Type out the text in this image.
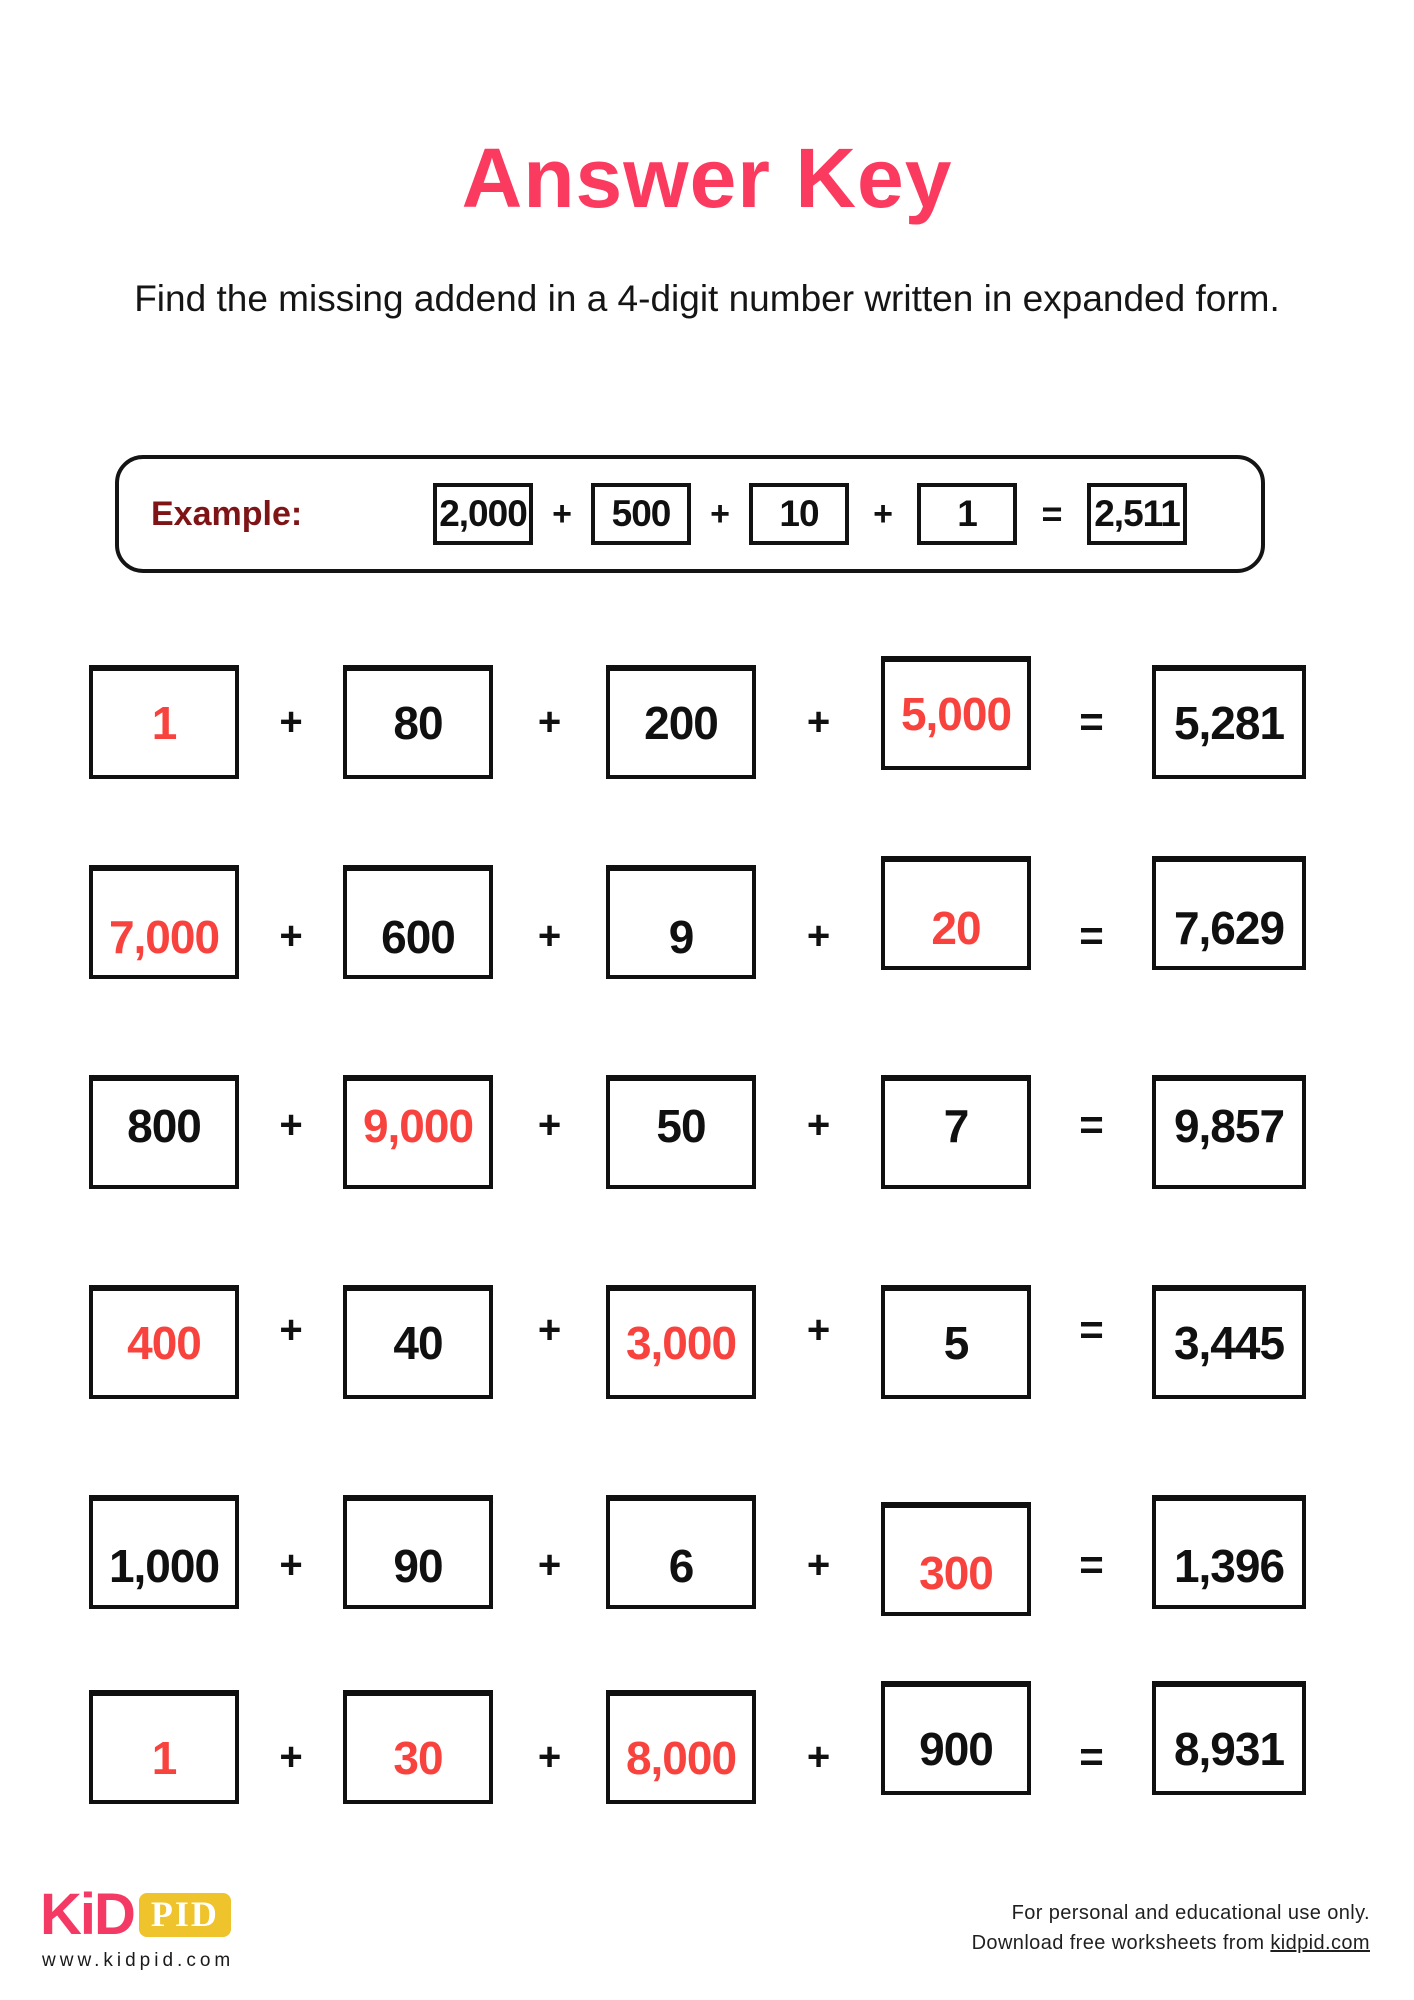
Answer Key

Find the missing addend in a 4-digit number written in expanded form.

Example:	2,000 +	500	+	10	+	1	= 2,511
1	+	80	+	200	+	5,000	=	5,281
7,000	+	600	+	9	+	20	=	7,629
800	+	9,000	+	50	+	7	=	9,857
400	+	40	+	3,000	+	5	=	3,445
1,000	+	90	+	6	+	300	=	1,396
1	+	30	+	8,000	+	900	=	8,931
KiD PID
www.kidpid.com
For personal and educational use only.
Download free worksheets from kidpid.com
